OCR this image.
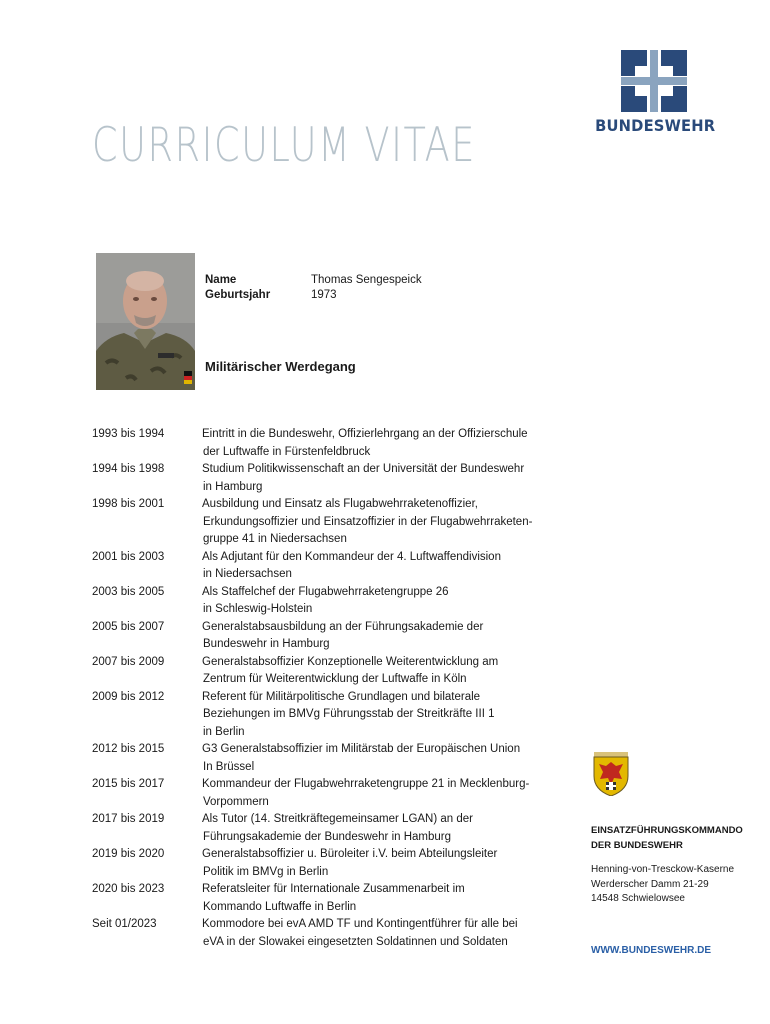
CURRICULUM VITAE	BUNDESWEHR
Name	Thomas Sengespeick
Geburtsjahr	1973
Militärischer Werdegang
1993 bis 1994	Eintritt in die Bundeswehr, Offizierlehrgang an der Offizierschule
der Luftwaffe in Fürstenfeldbruck
1994 bis 1998	Studium Politikwissenschaft an der Universität der Bundeswehr
in Hamburg
1998 bis 2001	Ausbildung und Einsatz als Flugabwehrraketenoffizier,
Erkundungsoffizier und Einsatzoffizier in der Flugabwehrraketen-
gruppe 41 in Niedersachsen
2001 bis 2003	Als Adjutant für den Kommandeur der 4. Luftwaffendivision
in Niedersachsen
2003 bis 2005	Als Staffelchef der Flugabwehrraketengruppe 26
in Schleswig-Holstein
2005 bis 2007	Generalstabsausbildung an der Führungsakademie der
Bundeswehr in Hamburg
2007 bis 2009	Generalstabsoffizier Konzeptionelle Weiterentwicklung am
Zentrum für Weiterentwicklung der Luftwaffe in Köln
2009 bis 2012	Referent für Militärpolitische Grundlagen und bilaterale
Beziehungen im BMVg Führungsstab der Streitkräfte III 1
in Berlin
2012 bis 2015	G3 Generalstabsoffizier im Militärstab der Europäischen Union
In Brüssel
2015 bis 2017	Kommandeur der Flugabwehrraketengruppe 21 in Mecklenburg-
Vorpommern
2017 bis 2019	Als Tutor (14. Streitkräftegemeinsamer LGAN) an der
Führungsakademie der Bundeswehr in Hamburg
2019 bis 2020	Generalstabsoffizier u. Büroleiter i.V. beim Abteilungsleiter
Politik im BMVg in Berlin
2020 bis 2023	Referatsleiter für Internationale Zusammenarbeit im
Kommando Luftwaffe in Berlin
Seit 01/2023	Kommodore bei evA AMD TF und Kontingentführer für alle bei
eVA in der Slowakei eingesetzten Soldatinnen und Soldaten
EINSATZFÜHRUNGSKOMMANDO
DER BUNDESWEHR
Henning-von-Tresckow-Kaserne
Werderscher Damm 21-29
14548 Schwielowsee
WWW.BUNDESWEHR.DE
